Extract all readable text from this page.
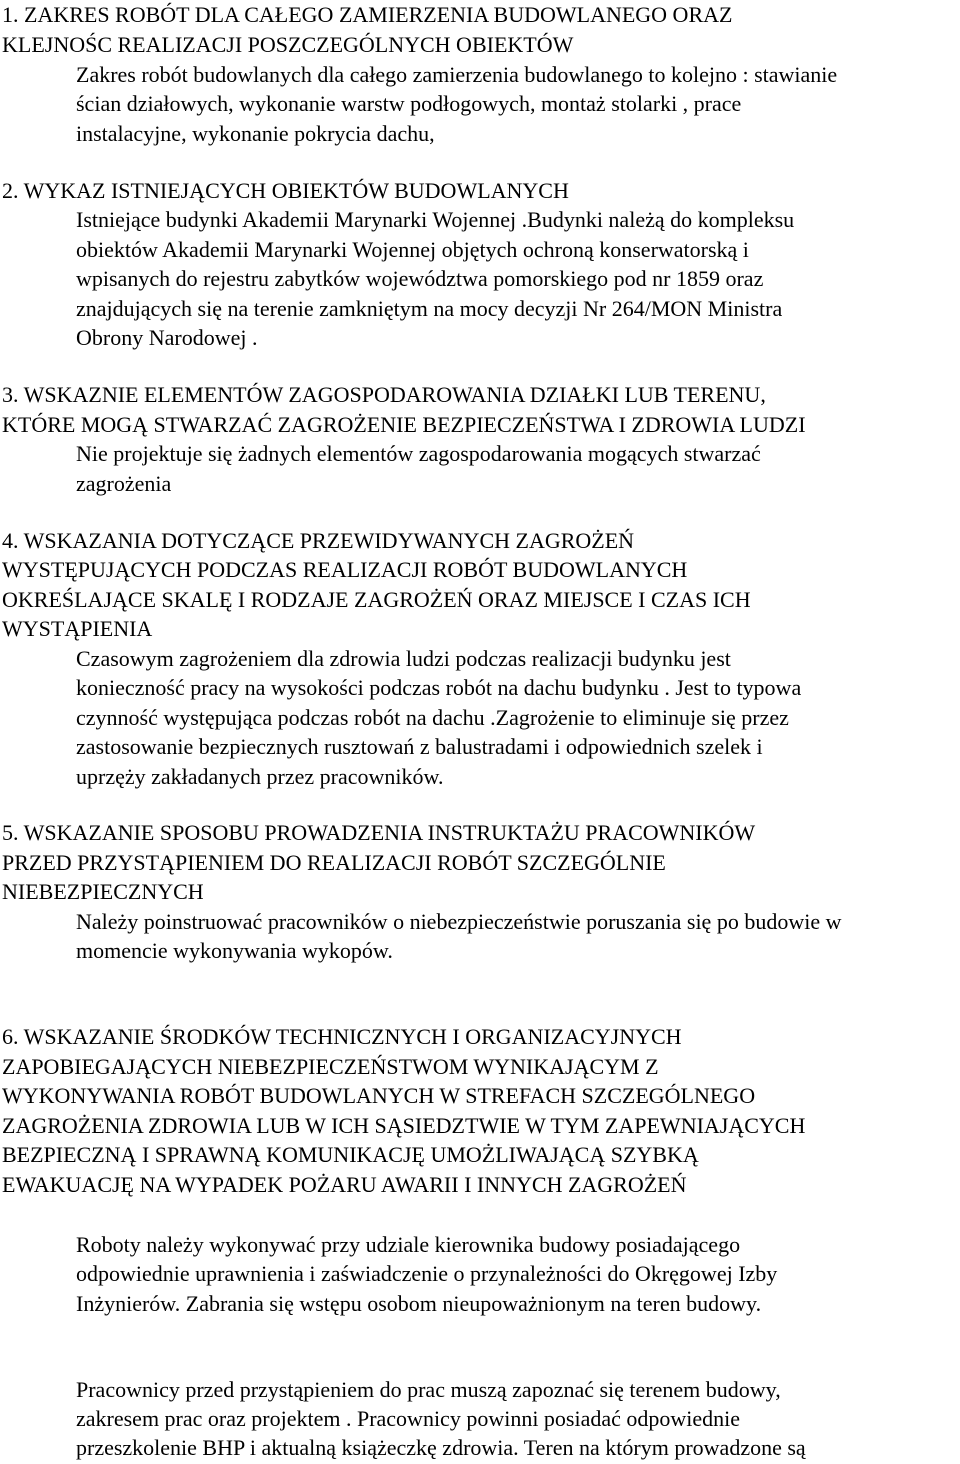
1. ZAKRES ROBÓT DLA CAŁEGO ZAMIERZENIA BUDOWLANEGO ORAZ
KLEJNOŚC REALIZACJI POSZCZEGÓLNYCH OBIEKTÓW
Zakres robót budowlanych dla całego zamierzenia budowlanego to kolejno : stawianie
ścian działowych, wykonanie warstw podłogowych, montaż stolarki , prace
instalacyjne, wykonanie pokrycia dachu,
2. WYKAZ ISTNIEJĄCYCH OBIEKTÓW BUDOWLANYCH
Istniejące budynki Akademii Marynarki Wojennej .Budynki należą do kompleksu
obiektów Akademii Marynarki Wojennej objętych ochroną konserwatorską i
wpisanych do rejestru zabytków województwa pomorskiego pod nr 1859 oraz
znajdujących się na terenie zamkniętym na mocy decyzji Nr 264/MON Ministra
Obrony Narodowej .
3. WSKAZNIE ELEMENTÓW ZAGOSPODAROWANIA DZIAŁKI LUB TERENU,
KTÓRE MOGĄ STWARZAĆ ZAGROŻENIE BEZPIECZEŃSTWA I ZDROWIA LUDZI
Nie projektuje się żadnych elementów zagospodarowania mogących stwarzać
zagrożenia
4. WSKAZANIA DOTYCZĄCE PRZEWIDYWANYCH ZAGROŻEŃ
WYSTĘPUJĄCYCH PODCZAS REALIZACJI ROBÓT BUDOWLANYCH
OKREŚLAJĄCE SKALĘ I RODZAJE ZAGROŻEŃ ORAZ MIEJSCE I CZAS ICH
WYSTĄPIENIA
Czasowym zagrożeniem dla zdrowia ludzi podczas realizacji budynku jest
konieczność pracy na wysokości podczas robót na dachu budynku . Jest to typowa
czynność występująca podczas robót na dachu .Zagrożenie to eliminuje się przez
zastosowanie bezpiecznych rusztowań z balustradami i odpowiednich szelek i
uprzęży zakładanych przez pracowników.
5. WSKAZANIE SPOSOBU PROWADZENIA INSTRUKTAŻU PRACOWNIKÓW
PRZED PRZYSTĄPIENIEM DO REALIZACJI ROBÓT SZCZEGÓLNIE
NIEBEZPIECZNYCH
Należy poinstruować pracowników o niebezpieczeństwie poruszania się po budowie w
momencie wykonywania wykopów.
6. WSKAZANIE ŚRODKÓW TECHNICZNYCH I ORGANIZACYJNYCH
ZAPOBIEGAJĄCYCH NIEBEZPIECZEŃSTWOM WYNIKAJĄCYM Z
WYKONYWANIA ROBÓT BUDOWLANYCH W STREFACH SZCZEGÓLNEGO
ZAGROŻENIA ZDROWIA LUB W ICH SĄSIEDZTWIE W TYM ZAPEWNIAJĄCYCH
BEZPIECZNĄ I SPRAWNĄ KOMUNIKACJĘ UMOŻLIWAJĄCĄ SZYBKĄ
EWAKUACJĘ NA WYPADEK POŻARU AWARII I INNYCH ZAGROŻEŃ
Roboty należy wykonywać przy udziale kierownika budowy posiadającego
odpowiednie uprawnienia i zaświadczenie o przynależności do Okręgowej Izby
Inżynierów. Zabrania się wstępu osobom nieupoważnionym na teren budowy.
Pracownicy przed przystąpieniem do prac muszą zapoznać się terenem budowy,
zakresem prac oraz projektem . Pracownicy powinni posiadać odpowiednie
przeszkolenie BHP i aktualną książeczkę zdrowia. Teren na którym prowadzone są
